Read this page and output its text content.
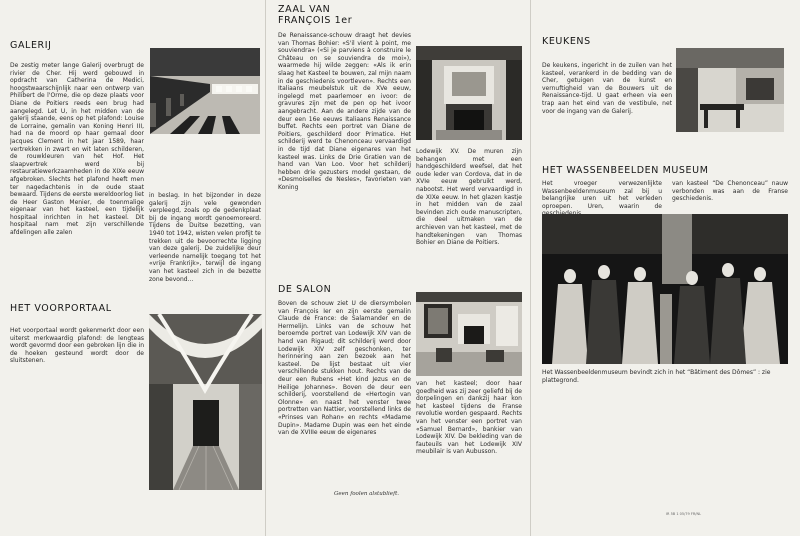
GALERIJ

De zestig meter lange Galerij overbrugt de rivier de Cher. Hij werd gebouwd in opdracht van Catherina de Medici, hoogstwaarschijnlijk naar een ontwerp van Philibert de l'Orme, die op deze plaats voor Diane de Poitiers reeds een brug had aangelegd. Let U, in het midden van de galerij staande, eens op het plafond: Louise de Lorraine, gemalin van Koning Henri III, had na de moord op haar gemaal door Jacques Clement in het jaar 1589, haar vertrekken in zwart en wit laten schilderen, de rouwkleuren van het Hof. Het slaapvertrek werd bij restauratiewerkzaamheden in de XIXe eeuw afgebroken. Slechts het plafond heeft men ter nagedachtenis in de oude staat bewaard. Tijdens de eerste wereldoorlog liet de Heer Gaston Menier, de toenmalige eigenaar van het kasteel, een tijdelijk hospitaal inrichten in het kasteel. Dit hospitaal nam met zijn verschillende afdelingen alle zalen

in beslag. In het bijzonder in deze galerij zijn vele gewonden verpleegd, zoals op de gedenkplaat bij de ingang wordt genoemoreerd. Tijdens de Duitse bezetting, van 1940 tot 1942, wisten velen profijt te trekken uit de bevoorrechte ligging van deze galerij. De zuidelijke deur verleende namelijk toegang tot het «vrije Frankrijk», terwijl de ingang van het kasteel zich in de bezette zone bevond...

HET VOORPORTAAL

Het voorportaal wordt gekenmerkt door een uiterst merkwaardig plafond: de lengteas wordt gevormd door een gebroken lijn die in de hoeken gesteund wordt door de sluitstenen.

ZAAL VAN
FRANÇOIS 1er

De Renaissance-schouw draagt het devies van Thomas Bohier: «S'il vient à point, me souviendra» («Si je parviens à construire le Château on se souviendra de moi»), waarmede hij wilde zeggen: «Als ik erin slaag het Kasteel te bouwen, zal mijn naam in de geschiedenis voortleven». Rechts een Italiaans meubelstuk uit de XVe eeuw, ingelegd met paarlemoer en ivoor: de gravures zijn met de pen op het ivoor aangebracht. Aan de andere zijde van de deur een 16e eeuws Italiaans Renaissance buffet. Rechts een portret van Diane de Poitiers, geschilderd door Primatice. Het schilderij werd te Chenonceau vervaardigd in de tijd dat Diane eigenares van het kasteel was. Links de Drie Gratien van de hand van Van Loo. Voor het schilderij hebben drie gezusters model gestaan, de «Desmoiselles de Nesles», favorieten van Koning

Lodewijk XV. De muren zijn behangen met een handgeschilderd weefsel, dat het oude leder van Cordova, dat in de XVIe eeuw gebruikt werd, nabootst. Het werd vervaardigd in de XIXe eeuw. In het glazen kastje in het midden van de zaal bevinden zich oude manuscripten, die deel uitmaken van de archieven van het kasteel, met de handtekeningen van Thomas Bohier en Diane de Poitiers.

DE SALON

Boven de schouw ziet U de diersymbolen van François Ier en zijn eerste gemalin Claude de France: de Salamander en de Hermelijn. Links van de schouw het beroemde portret van Lodewijk XIV van de hand van Rigaud; dit schilderij werd door Lodewijk XIV zelf geschonken, ter herinnering aan zen bezoek aan het kasteel. De lijst bestaat uit vier verschillende stukken hout. Rechts van de deur een Rubens «Het kind Jezus en de Heilige Johannes». Boven de deur een schilderij, voorstellend de «Hertogin van Olonne» en naast het venster twee portretten van Nattier, voorstellend links de «Prinses van Rohan» en rechts «Madame Dupin». Madame Dupin was een het einde van de XVIIIe eeuw de eigenares

van het kasteel; door haar goedheid was zij zeer geliefd bij de dorpelingen en dankzij haar kon het kasteel tijdens de Franse revolutie worden gespaard. Rechts van het venster een portret van «Samuel Bernard», bankier van Lodewijk XIV. De bekleding van de fauteuils van het Lodewijk XIV meubilair is van Aubusson.

Geen foolen alstublieft.
KEUKENS

De keukens, ingericht in de zuilen van het kasteel, verankerd in de bedding van de Cher, getuigen van de kunst en vernuftigheid van de Bouwers uit de Renaissance-tijd. U gaat erheen via een trap aan het eind van de vestibule, net voor de ingang van de Galerij.

HET WASSENBEELDEN MUSEUM

Het vroeger verwezenlijkte Wassenbeeldenmuseum zal bij u belangrijke uren uit het verleden oproepen. Uren, waarin de

van kasteel “De Chenonceau” nauw verbonden was aan de Franse geschiedenis.

Het Wassenbeeldenmuseum bevindt zich in het “Bâtiment des Dômes” : zie plattegrond.

IR 5B 1 05/79 FR/NL
